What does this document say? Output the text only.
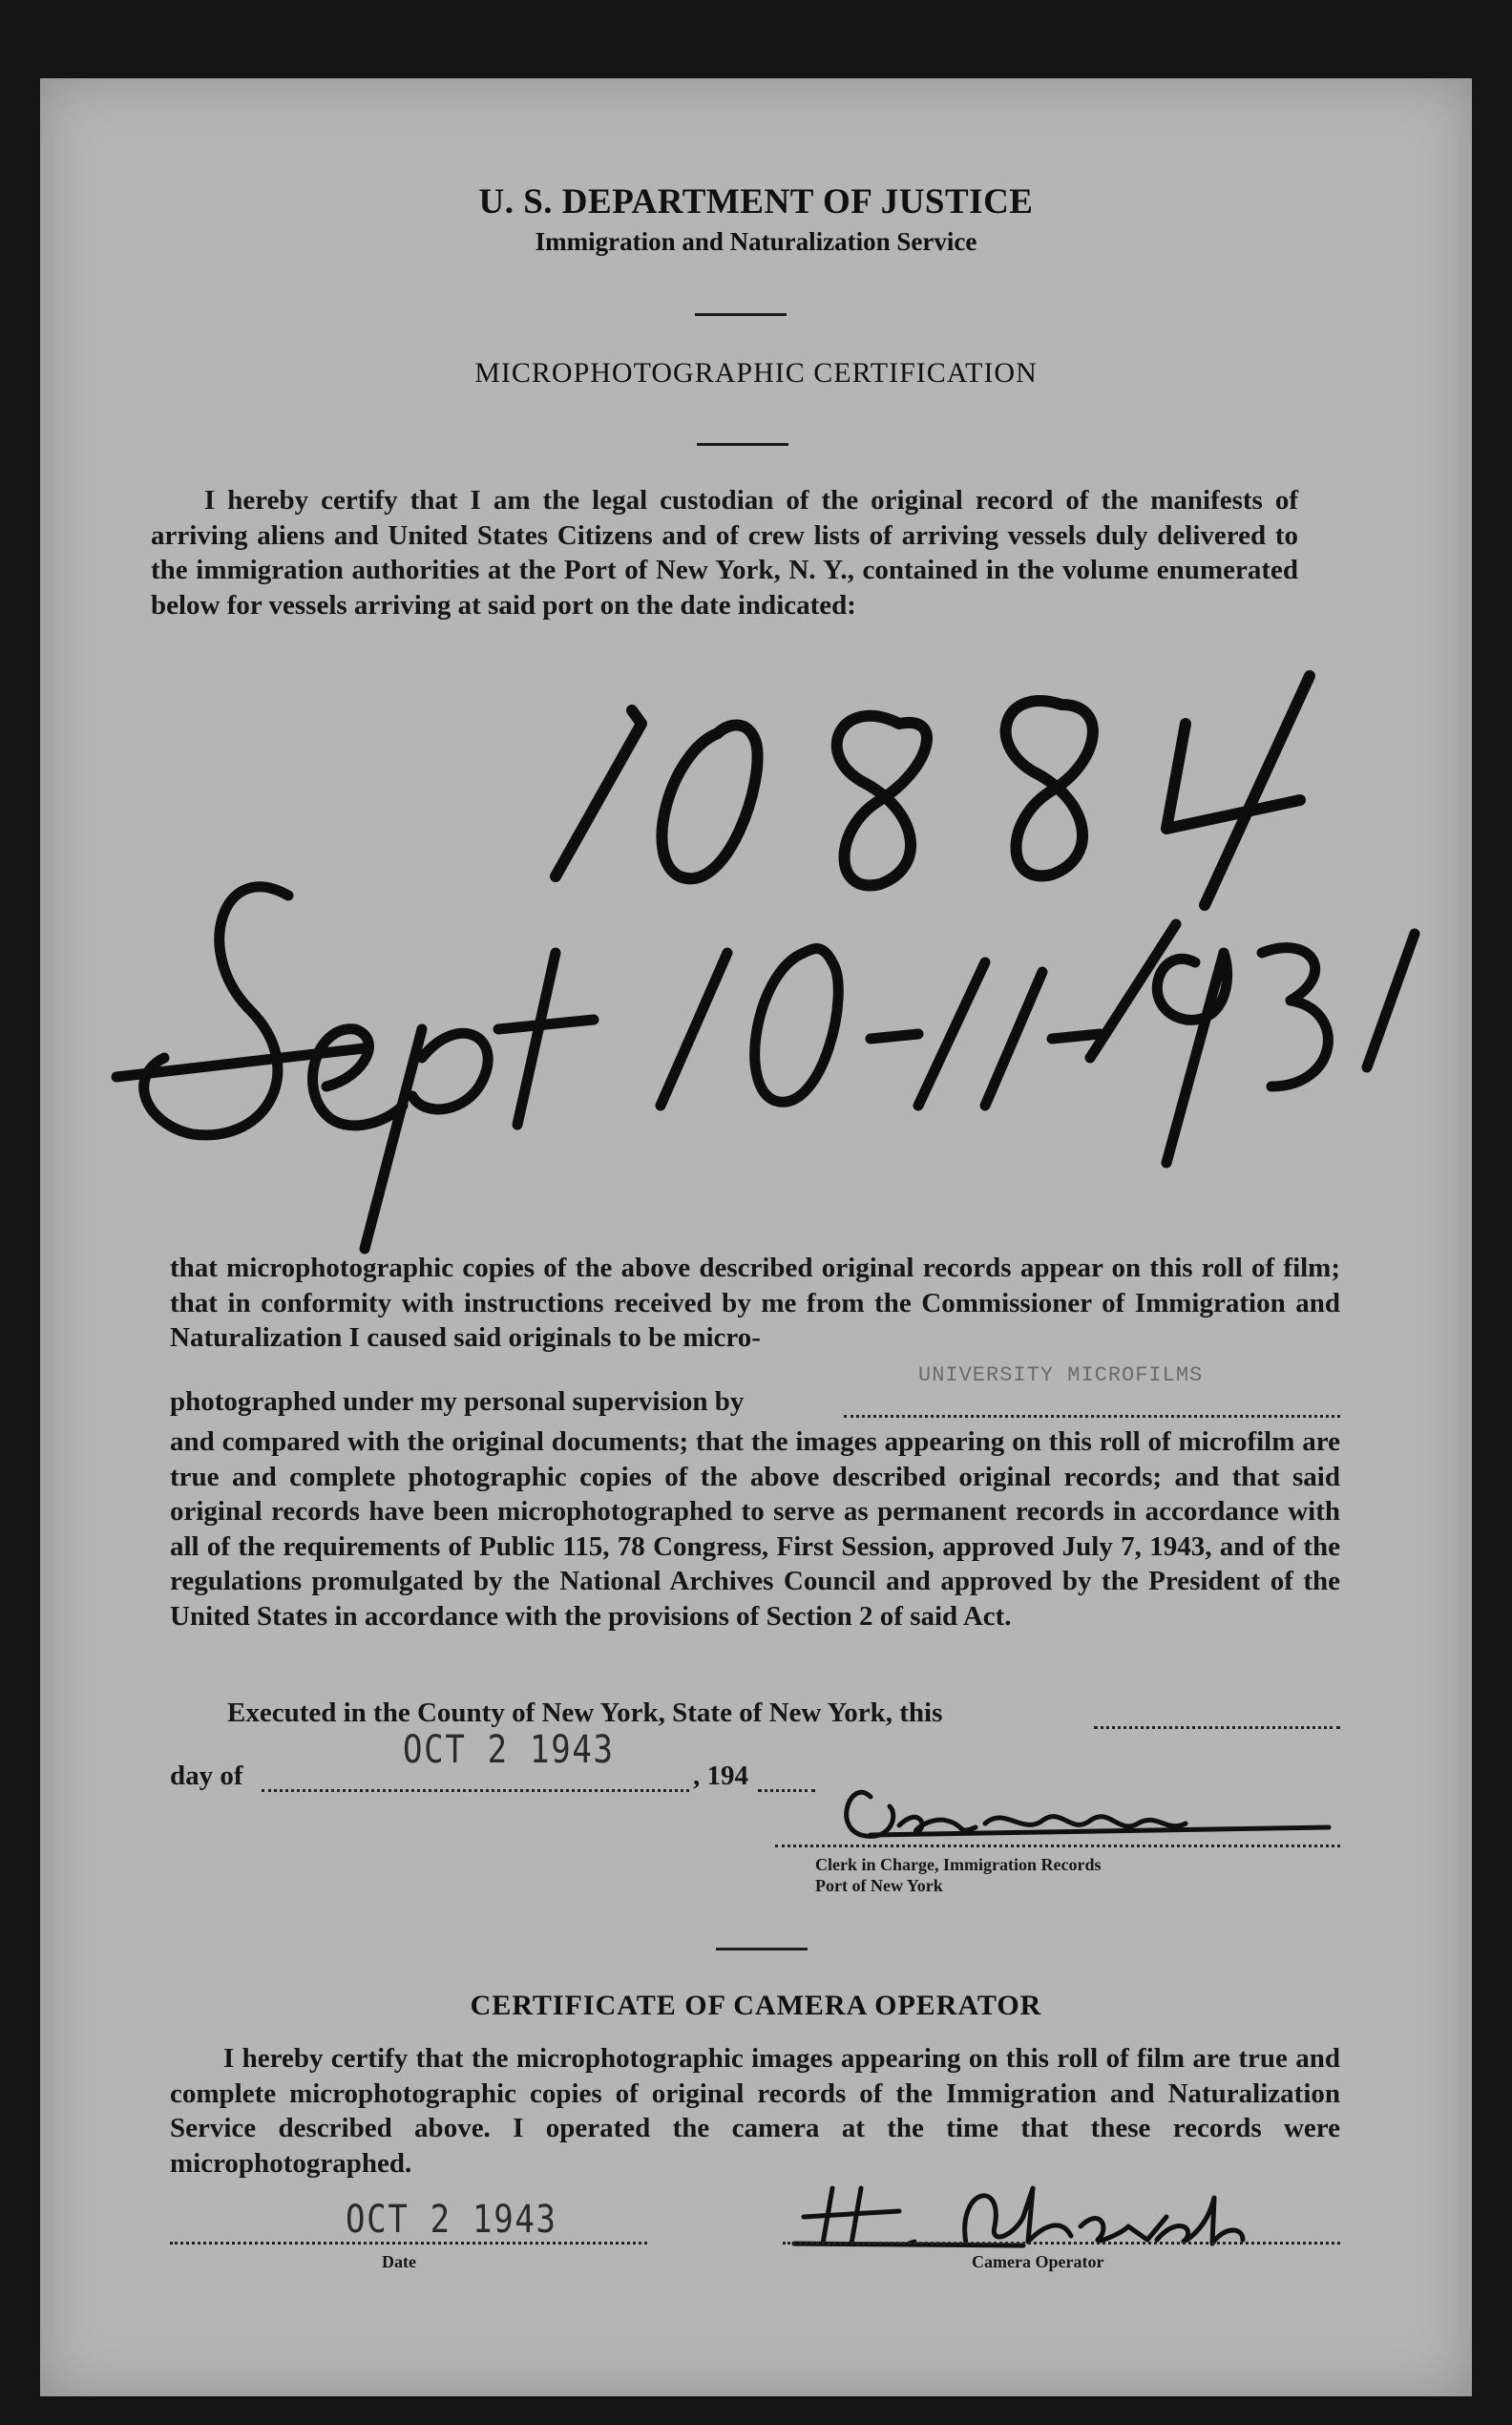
U. S. DEPARTMENT OF JUSTICE
Immigration and Naturalization Service
MICROPHOTOGRAPHIC CERTIFICATION
I hereby certify that I am the legal custodian of the original record of the manifests of arriving aliens and United States Citizens and of crew lists of arriving vessels duly delivered to the immigration authorities at the Port of New York, N. Y., contained in the volume enumerated below for vessels arriving at said port on the date indicated:
that microphotographic copies of the above described original records appear on this roll of film; that in conformity with instructions received by me from the Commissioner of Immigration and Naturalization I caused said originals to be micro-
photographed under my personal supervision by
UNIVERSITY MICROFILMS
and compared with the original documents; that the images appearing on this roll of microfilm are true and complete photographic copies of the above described original records; and that said original records have been microphotographed to serve as permanent records in accordance with all of the requirements of Public 115, 78 Congress, First Session, approved July 7, 1943, and of the regulations promulgated by the National Archives Council and approved by the President of the United States in accordance with the provisions of Section 2 of said Act.
Executed in the County of New York, State of New York, this
day of
OCT 2 1943
, 194
Clerk in Charge, Immigration Records
Port of New York
CERTIFICATE OF CAMERA OPERATOR
I hereby certify that the microphotographic images appearing on this roll of film are true and complete microphotographic copies of original records of the Immigration and Naturalization Service described above. I operated the camera at the time that these records were microphotographed.
OCT 2 1943
Date	Camera Operator
